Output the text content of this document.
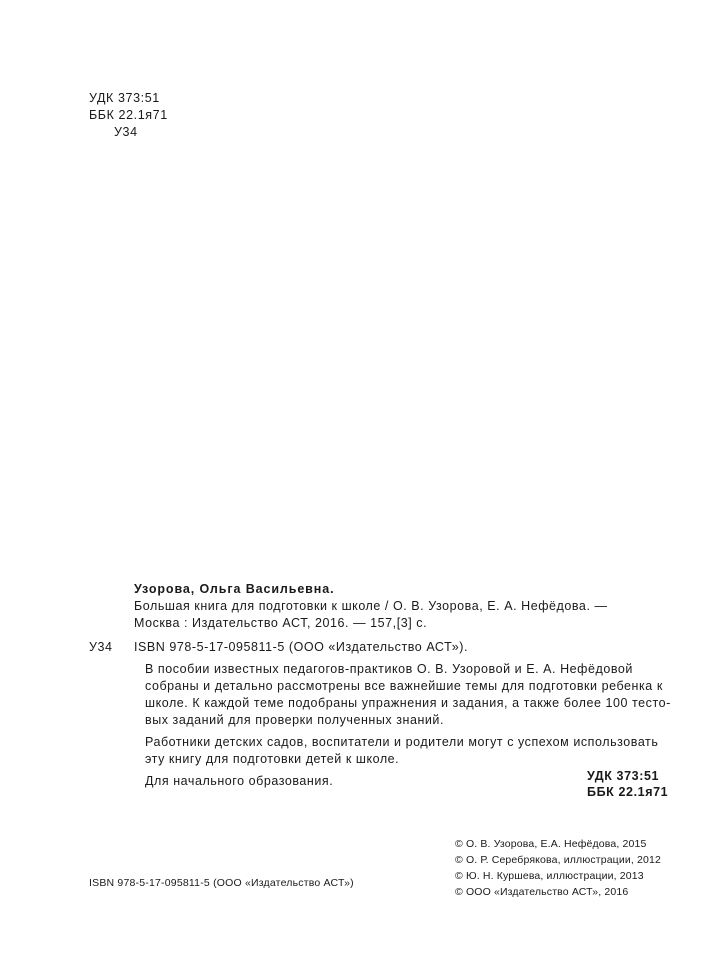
УДК 373:51
ББК 22.1я71
У34
Узорова, Ольга Васильевна.
Большая книга для подготовки к школе / О. В. Узорова, Е. А. Нефёдова. —
Москва : Издательство АСТ, 2016. — 157,[3] с.
У34 ISBN 978-5-17-095811-5 (ООО «Издательство АСТ»).
В пособии известных педагогов-практиков О. В. Узоровой и Е. А. Нефёдовой
собраны и детально рассмотрены все важнейшие темы для подготовки ребенка к
школе. К каждой теме подобраны упражнения и задания, а также более 100 тесто-
вых заданий для проверки полученных знаний.
Работники детских садов, воспитатели и родители могут с успехом использовать
эту книгу для подготовки детей к школе.
Для начального образования.	УДК 373:51
ББК 22.1я71
© О. В. Узорова, Е.А. Нефёдова, 2015
© О. Р. Серебрякова, иллюстрации, 2012
© Ю. Н. Куршева, иллюстрации, 2013
© ООО «Издательство АСТ», 2016
ISBN 978-5-17-095811-5 (ООО «Издательство АСТ»)
